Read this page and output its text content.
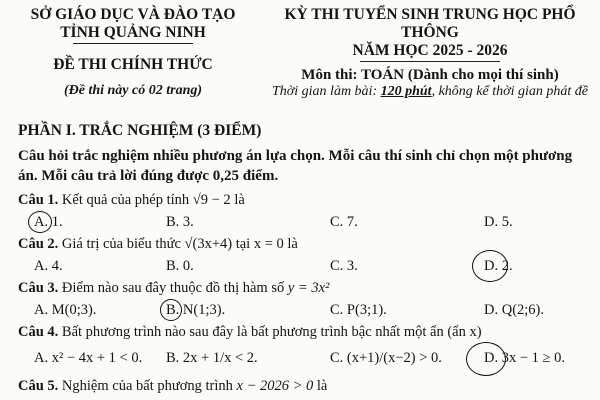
SỞ GIÁO DỤC VÀ ĐÀO TẠO
TỈNH QUẢNG NINH
ĐỀ THI CHÍNH THỨC
(Đề thi này có 02 trang)
KỲ THI TUYỂN SINH TRUNG HỌC PHỔ THÔNG
NĂM HỌC 2025 - 2026
Môn thi: TOÁN (Dành cho mọi thí sinh)
Thời gian làm bài: 120 phút, không kể thời gian phát đề
PHẦN I. TRẮC NGHIỆM (3 ĐIỂM)
Câu hỏi trắc nghiệm nhiều phương án lựa chọn. Mỗi câu thí sinh chỉ chọn một phương án. Mỗi câu trả lời đúng được 0,25 điểm.
Câu 1. Kết quả của phép tính √9 − 2 là
A. 1.	B. 3.	C. 7.	D. 5.
Câu 2. Giá trị của biểu thức √(3x+4) tại x = 0 là
A. 4.	B. 0.	C. 3.	D. 2.
Câu 3. Điểm nào sau đây thuộc đồ thị hàm số y = 3x²
A. M(0;3).	B. N(1;3).	C. P(3;1).	D. Q(2;6).
Câu 4. Bất phương trình nào sau đây là bất phương trình bậc nhất một ẩn (ẩn x)
A. x² − 4x + 1 < 0. B. 2x + 1/x < 2.	C. (x+1)/(x−2) > 0.	D. 3x − 1 ≥ 0.
Câu 5. Nghiệm của bất phương trình x − 2026 > 0 là
